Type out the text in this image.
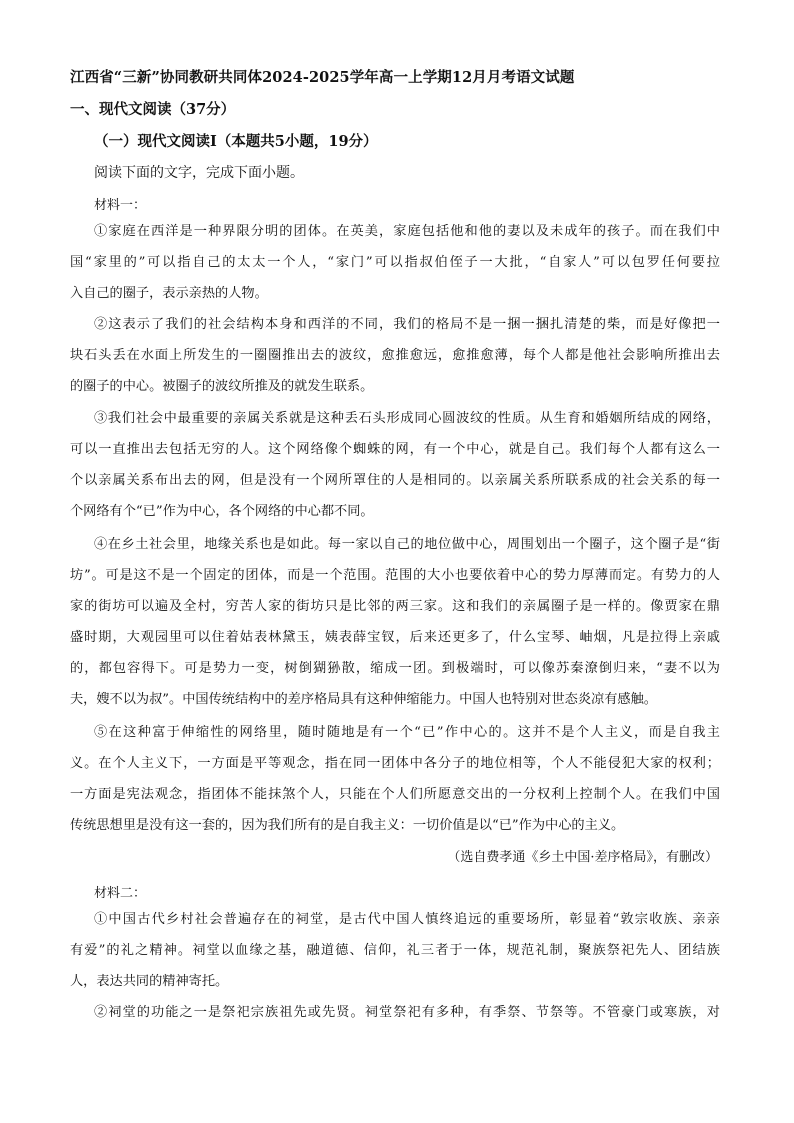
江西省“三新”协同教研共同体2024-2025学年高一上学期12月月考语文试题
一、现代文阅读（37分）
（一）现代文阅读Ⅰ（本题共5小题，19分）
阅读下面的文字，完成下面小题。
材料一：
①家庭在西洋是一种界限分明的团体。在英美，家庭包括他和他的妻以及未成年的孩子。而在我们中
国“家里的”可以指自己的太太一个人，“家门”可以指叔伯侄子一大批，“自家人”可以包罗任何要拉
入自己的圈子，表示亲热的人物。
②这表示了我们的社会结构本身和西洋的不同，我们的格局不是一捆一捆扎清楚的柴，而是好像把一
块石头丢在水面上所发生的一圈圈推出去的波纹，愈推愈远，愈推愈薄，每个人都是他社会影响所推出去
的圈子的中心。被圈子的波纹所推及的就发生联系。
③我们社会中最重要的亲属关系就是这种丢石头形成同心圆波纹的性质。从生育和婚姻所结成的网络，
可以一直推出去包括无穷的人。这个网络像个蜘蛛的网，有一个中心，就是自己。我们每个人都有这么一
个以亲属关系布出去的网，但是没有一个网所罩住的人是相同的。以亲属关系所联系成的社会关系的每一
个网络有个“已”作为中心，各个网络的中心都不同。
④在乡土社会里，地缘关系也是如此。每一家以自己的地位做中心，周围划出一个圈子，这个圈子是“街
坊”。可是这不是一个固定的团体，而是一个范围。范围的大小也要依着中心的势力厚薄而定。有势力的人
家的街坊可以遍及全村，穷苦人家的街坊只是比邻的两三家。这和我们的亲属圈子是一样的。像贾家在鼎
盛时期，大观园里可以住着姑表林黛玉，姨表薛宝钗，后来还更多了，什么宝琴、岫烟，凡是拉得上亲戚
的，都包容得下。可是势力一变，树倒猢狲散，缩成一团。到极端时，可以像苏秦潦倒归来，“妻不以为
夫，嫂不以为叔”。中国传统结构中的差序格局具有这种伸缩能力。中国人也特别对世态炎凉有感触。
⑤在这种富于伸缩性的网络里，随时随地是有一个“已”作中心的。这并不是个人主义，而是自我主
义。在个人主义下，一方面是平等观念，指在同一团体中各分子的地位相等，个人不能侵犯大家的权利；
一方面是宪法观念，指团体不能抹煞个人，只能在个人们所愿意交出的一分权利上控制个人。在我们中国
传统思想里是没有这一套的，因为我们所有的是自我主义：一切价值是以“已”作为中心的主义。
（选自费孝通《乡土中国·差序格局》，有删改）
材料二：
①中国古代乡村社会普遍存在的祠堂，是古代中国人慎终追远的重要场所，彰显着“敦宗收族、亲亲
有爱”的礼之精神。祠堂以血缘之基，融道德、信仰，礼三者于一体，规范礼制，聚族祭祀先人、团结族
人，表达共同的精神寄托。
②祠堂的功能之一是祭祀宗族祖先或先贤。祠堂祭祀有多种，有季祭、节祭等。不管豪门或寒族，对
